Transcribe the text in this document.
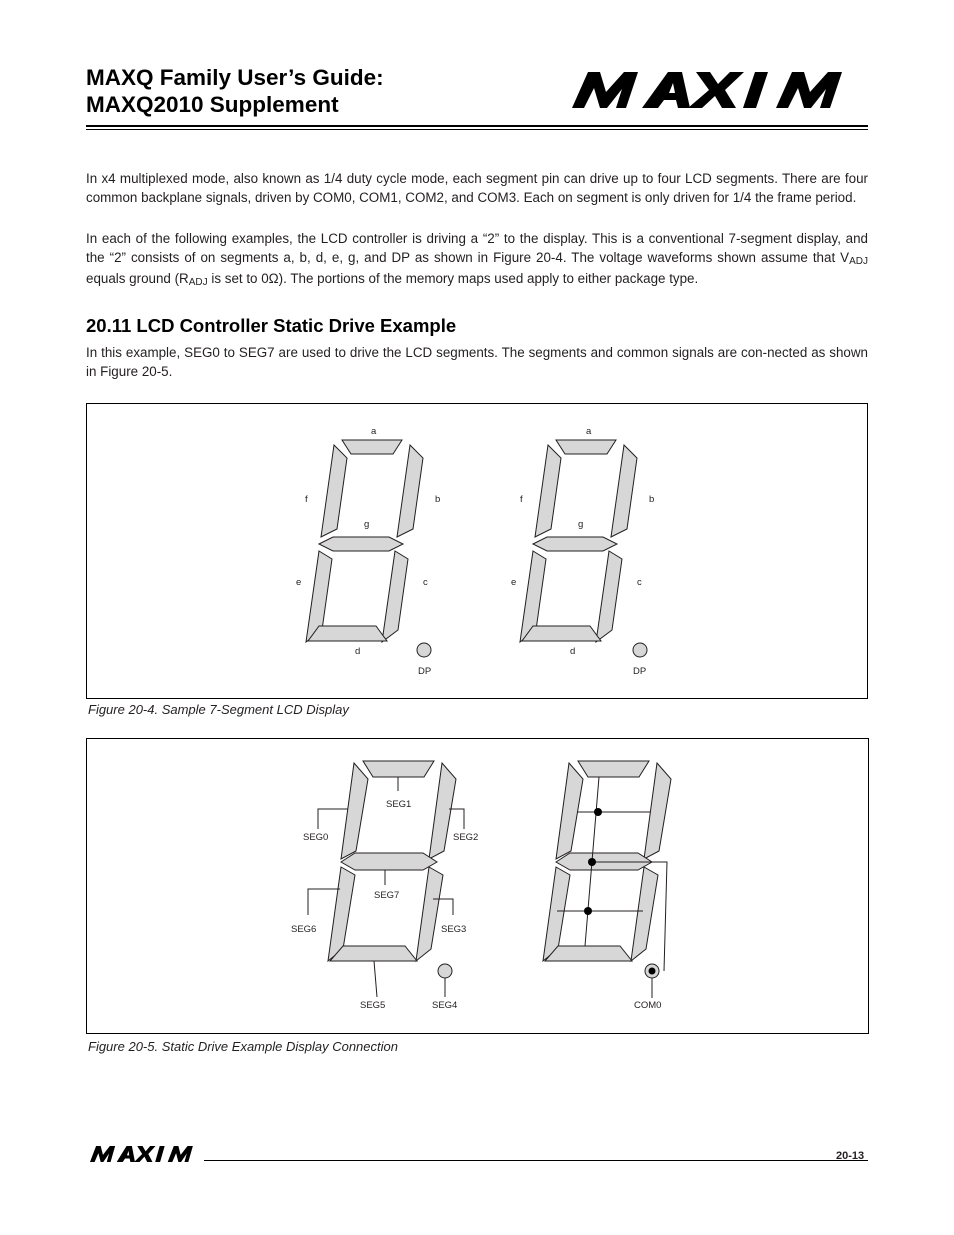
MAXQ Family User’s Guide:
MAXQ2010 Supplement

In x4 multiplexed mode, also known as 1/4 duty cycle mode, each segment pin can drive up to four LCD segments. There are four common backplane signals, driven by COM0, COM1, COM2, and COM3. Each on segment is only driven for 1/4 the frame period.

In each of the following examples, the LCD controller is driving a “2” to the display. This is a conventional 7-segment display, and the “2” consists of on segments a, b, d, e, g, and DP as shown in Figure 20-4. The voltage waveforms shown assume that $V_{ADJ}$ equals ground ($R_{ADJ}$ is set to 0Ω). The portions of the memory maps used apply to either package type.

20.11 LCD Controller Static Drive Example

In this example, SEG0 to SEG7 are used to drive the LCD segments. The segments and common signals are con-nected as shown in Figure 20-5.

a
f	b
g
e	c
d
DP
a
f	b
g
e	c
d
DP
Figure 20-4. Sample 7-Segment LCD Display
SEG0
SEG1
SEG2
SEG3
SEG4
SEG5
SEG6
SEG7
COM0
Figure 20-5. Static Drive Example Display Connection
20-13
